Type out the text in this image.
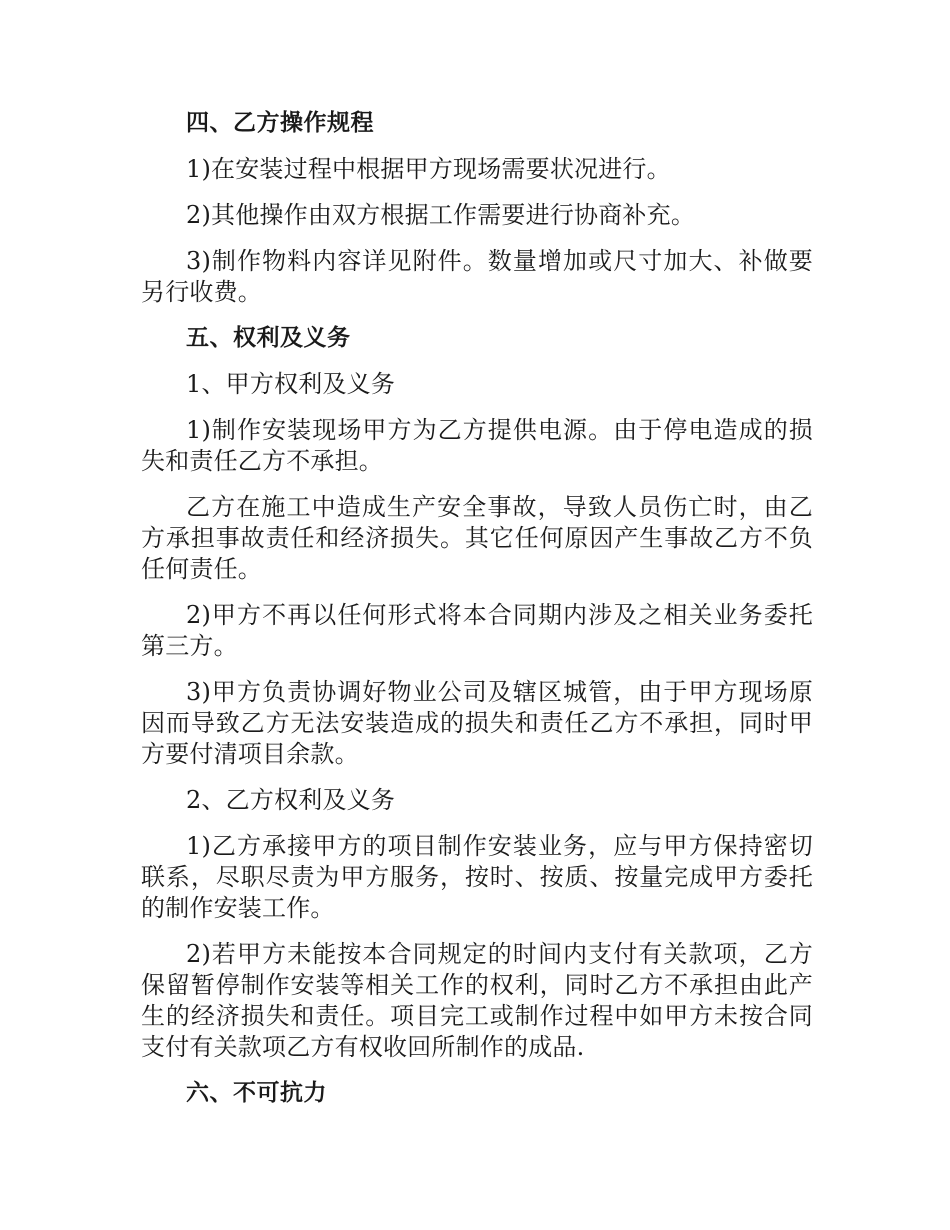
四、乙方操作规程

1)在安装过程中根据甲方现场需要状况进行。

2)其他操作由双方根据工作需要进行协商补充。

3)制作物料内容详见附件。数量增加或尺寸加大、补做要另行收费。

五、权利及义务

1、甲方权利及义务

1)制作安装现场甲方为乙方提供电源。由于停电造成的损失和责任乙方不承担。

乙方在施工中造成生产安全事故，导致人员伤亡时，由乙方承担事故责任和经济损失。其它任何原因产生事故乙方不负任何责任。

2)甲方不再以任何形式将本合同期内涉及之相关业务委托第三方。

3)甲方负责协调好物业公司及辖区城管，由于甲方现场原因而导致乙方无法安装造成的损失和责任乙方不承担，同时甲方要付清项目余款。

2、乙方权利及义务

1)乙方承接甲方的项目制作安装业务，应与甲方保持密切联系，尽职尽责为甲方服务，按时、按质、按量完成甲方委托的制作安装工作。

2)若甲方未能按本合同规定的时间内支付有关款项，乙方保留暂停制作安装等相关工作的权利，同时乙方不承担由此产生的经济损失和责任。项目完工或制作过程中如甲方未按合同支付有关款项乙方有权收回所制作的成品.

六、不可抗力
